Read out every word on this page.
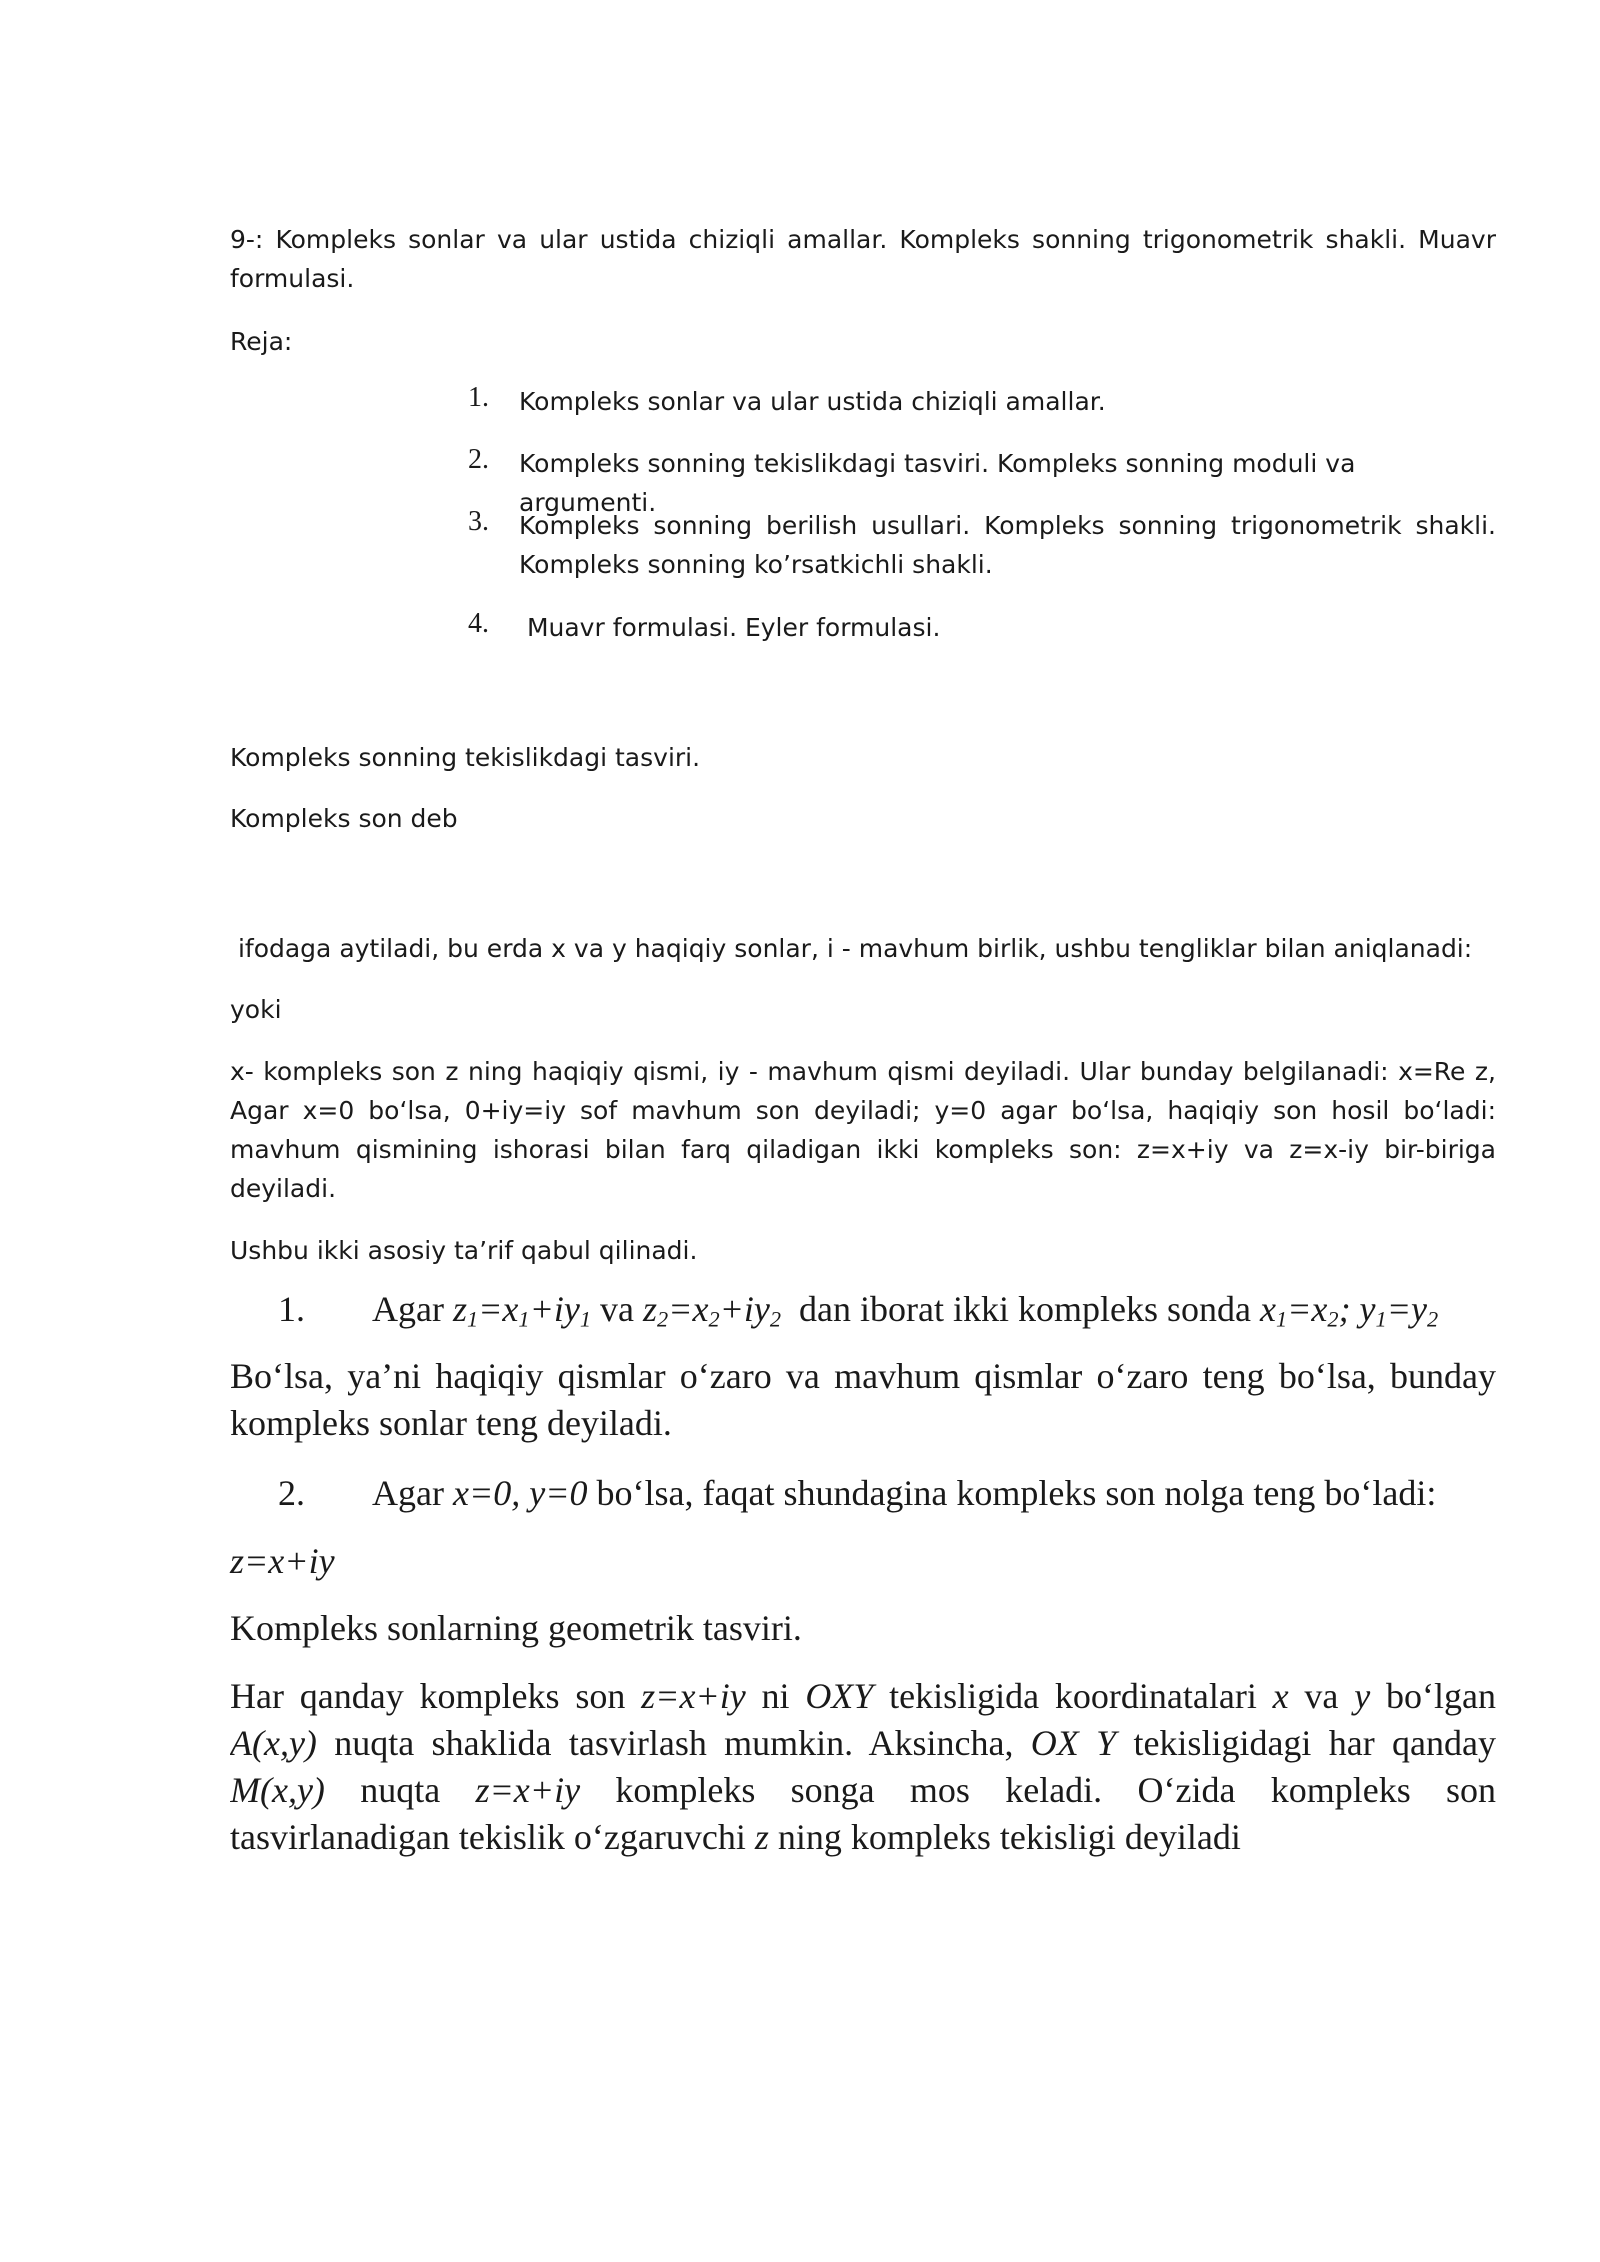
9-: Kompleks sonlar va ular ustida chiziqli amallar. Kompleks sonning trigonometrik shakli. Muavr
formulasi.
Reja:
1. Kompleks sonlar va ular ustida chiziqli amallar.
2. Kompleks sonning tekislikdagi tasviri. Kompleks sonning moduli va argumenti.
3. Kompleks sonning berilish usullari. Kompleks sonning trigonometrik shakli.
Kompleks sonning ko’rsatkichli shakli.
4. Muavr formulasi. Eyler formulasi.
Kompleks sonning tekislikdagi tasviri.
Kompleks son deb
ifodaga aytiladi, bu erda x va y haqiqiy sonlar, i - mavhum birlik, ushbu tengliklar bilan aniqlanadi:
yoki
x- kompleks son z ning haqiqiy qismi, iy - mavhum qismi deyiladi. Ular bunday belgilanadi: x=Re z,
Agar x=0 bo‘lsa, 0+iy=iy sof mavhum son deyiladi; y=0 agar bo‘lsa, haqiqiy son hosil bo‘ladi:
mavhum qismining ishorasi bilan farq qiladigan ikki kompleks son: z=x+iy va z=x-iy bir-biriga
deyiladi.
Ushbu ikki asosiy ta’rif qabul qilinadi.
1. Agar $z_1=x_1+iy_1$ va $z_2=x_2+iy_2$  dan iborat ikki kompleks sonda $x_1=x_2$; $y_1=y_2$
Bo‘lsa, ya’ni haqiqiy qismlar o‘zaro va mavhum qismlar o‘zaro teng bo‘lsa, bunday
kompleks sonlar teng deyiladi.
2. Agar x=0, y=0 bo‘lsa, faqat shundagina kompleks son nolga teng bo‘ladi:
z=x+iy
Kompleks sonlarning geometrik tasviri.
Har qanday kompleks son z=x+iy ni OXY tekisligida koordinatalari x va y bo‘lgan
A(x,y) nuqta shaklida tasvirlash mumkin. Aksincha, OX Y tekisligidagi har qanday
M(x,y) nuqta z=x+iy kompleks songa mos keladi. O‘zida kompleks son
tasvirlanadigan tekislik o‘zgaruvchi z ning kompleks tekisligi deyiladi
